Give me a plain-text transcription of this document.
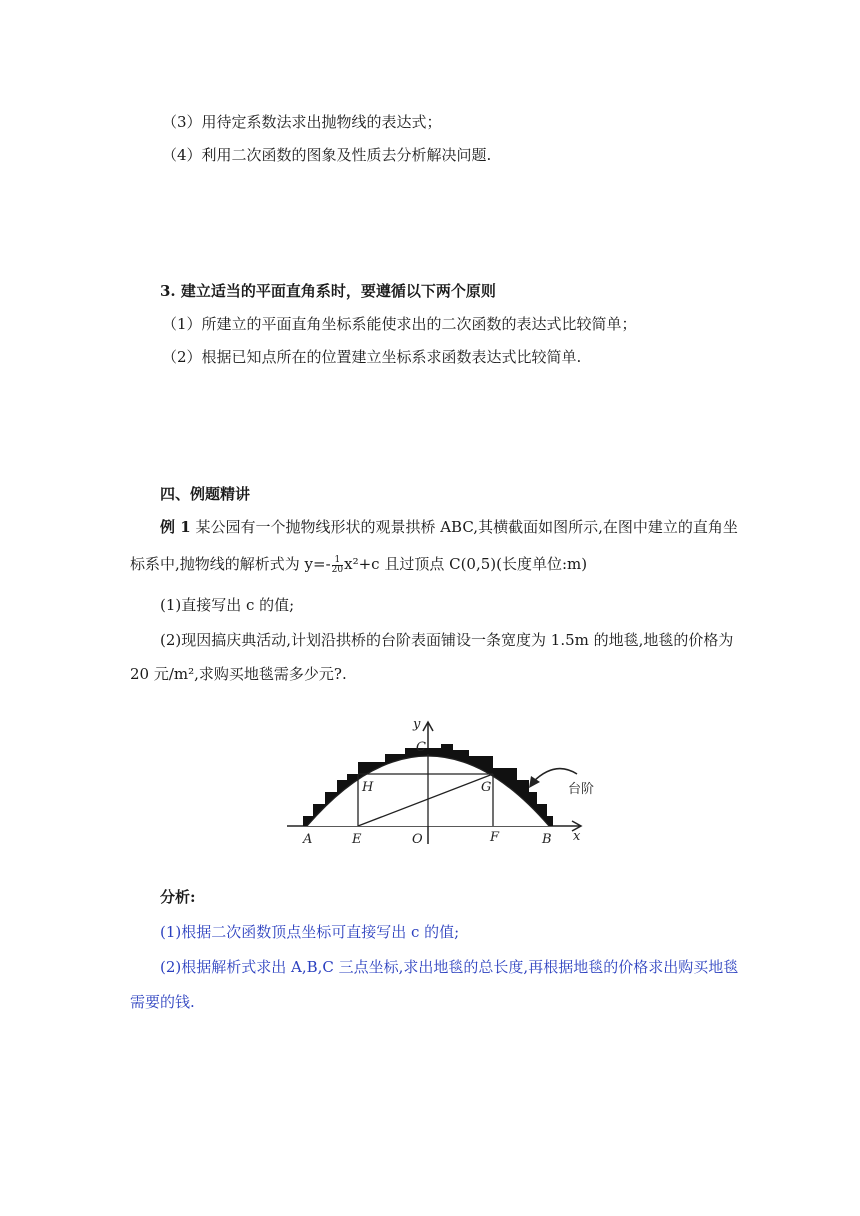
（3）用待定系数法求出抛物线的表达式；
（4）利用二次函数的图象及性质去分析解决问题.
3. 建立适当的平面直角系时，要遵循以下两个原则
（1）所建立的平面直角坐标系能使求出的二次函数的表达式比较简单；
（2）根据已知点所在的位置建立坐标系求函数表达式比较简单.
四、例题精讲
例 1 某公园有一个抛物线形状的观景拱桥 ABC,其横截面如图所示,在图中建立的直角坐
标系中,抛物线的解析式为 $y=- \frac{1}{20} x^2+c$ 且过顶点 C(0,5)(长度单位:m)
(1)直接写出 c 的值;
(2)现因搞庆典活动,计划沿拱桥的台阶表面铺设一条宽度为 1.5m 的地毯,地毯的价格为
20 元/m²,求购买地毯需多少元?.
y
x
C
H	G
A	E	O	F	B
台阶
分析:
(1)根据二次函数顶点坐标可直接写出 c 的值;
(2)根据解析式求出 A,B,C 三点坐标,求出地毯的总长度,再根据地毯的价格求出购买地毯
需要的钱.
